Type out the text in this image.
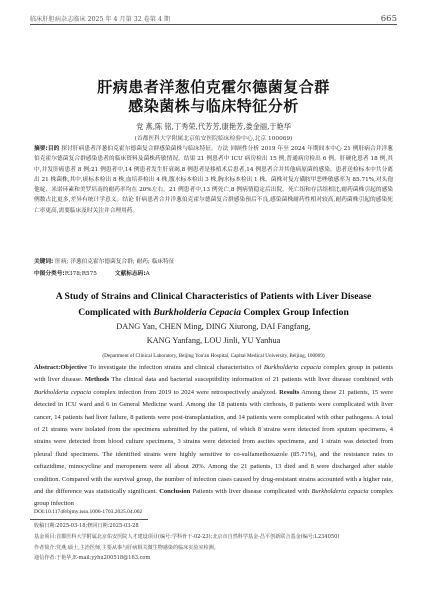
临床肝胆病杂志临床 2025 年 4 月第 32 卷第 4 期	665
肝病患者洋葱伯克霍尔德菌复合群
感染菌株与临床特征分析
党 燕,陈 铭,丁秀荣,代芳芳,康艳芳,娄金丽,于艳华
(首都医科大学附属北京佑安医院临床检验中心,北京 100069)
摘要:目的 探讨肝病患者洋葱伯克霍尔德菌复合群感染菌株与临床特征。方法 回顾性分析 2019 年至 2024 年期间本中心 21 例肝病合并洋葱伯克霍尔德菌复合群感染患者的临床资料及菌株药敏情况。结果 21 例患者中 ICU 病房检出 15 例,普通病房检出 6 例。肝硬化患者 18 例,其中,并发肝癌患者 8 例;21 例患者中,14 例患者发生肝衰竭,8 例患者是移植术后患者,14 例患者合并其他病原菌的感染。患者送检标本中共分离出 21 株菌株,其中,痰标本检出 8 株,血培养检出 4 株,腹水标本检出 3 株,胸水标本检出 1 株。菌株对复方磺胺甲恶唑敏感率为 85.71%,对头孢他啶、米诺环素和美罗培南的耐药率均在 20%左右。21 例患者中,13 例死亡,8 例病情稳定后出院。死亡组和存活组相比,耐药菌株引起的感染例数占比更多,差异有统计学意义。结论 肝病患者合并洋葱伯克霍尔德菌复合群感染预后不良,感染菌株耐药性相对较高,耐药菌株引起的感染死亡率更高,需要临床及时关注并合理用药。
关键词: 肝病; 洋葱伯克霍尔德菌复合群; 耐药; 临床特征
中图分类号:R378;R575	文献标志码:A
A Study of Strains and Clinical Characteristics of Patients with Liver Disease
Complicated with Burkholderia Cepacia Complex Group Infection
DANG Yan, CHEN Ming, DING Xiurong, DAI Fangfang,
KANG Yanfang, LOU Jinli, YU Yanhua
(Department of Clinical Laboratory, Beijing You'an Hospital, Capital Medical University, Beijing, 100069)
Abstract:Objective To investigate the infection strains and clinical characteristics of Burkholderia cepacia complex group in patients with liver disease. Methods The clinical data and bacterial susceptibility information of 21 patients with liver disease combined with Burkholderia cepacia complex infection from 2019 to 2024 were retrospectively analyzed. Results Among these 21 patients, 15 were detected in ICU ward and 6 in General Medicine ward. Among the 18 patients with cirrhosis, 8 patients were complicated with liver cancer, 14 patients had liver failure, 8 patients were post-transplantation, and 14 patients were complicated with other pathogens. A total of 21 strains were isolated from the specimens submitted by the patient, of which 8 strains were detected from sputum specimens, 4 strains were detected from blood culture specimens, 3 strains were detected from ascites specimens, and 1 strain was detected from pleural fluid specimens. The identified strains were highly sensitive to co-sulfamethoxazole (85.71%), and the resistance rates to ceftazidime, minocycline and meropenem were all about 20%. Among the 21 patients, 13 died and 8 were discharged after stable condition. Compared with the survival group, the number of infection cases caused by drug-resistant strains accounted with a higher rate, and the difference was statistically significant. Conclusion Patients with liver disease complicated with Burkholderia cepacia complex group infection
DOI:10.11748/bjmy.issn.1006-1703.2025.04.002
收稿日期:2025-03-18;修回日期:2025-03-28
基金项目:首都医科大学附属北京佑安医院人才建设项目(编号:学科骨干-02-23);北京市自然科学基金-昌平创新联合基金(编号:L234050)
作者简介:党燕,硕士,主治医师,主要从事与肝病相关微生物感染的临床实验室检测。
通信作者:于艳华,E-mail:yyhu200518@163.com
